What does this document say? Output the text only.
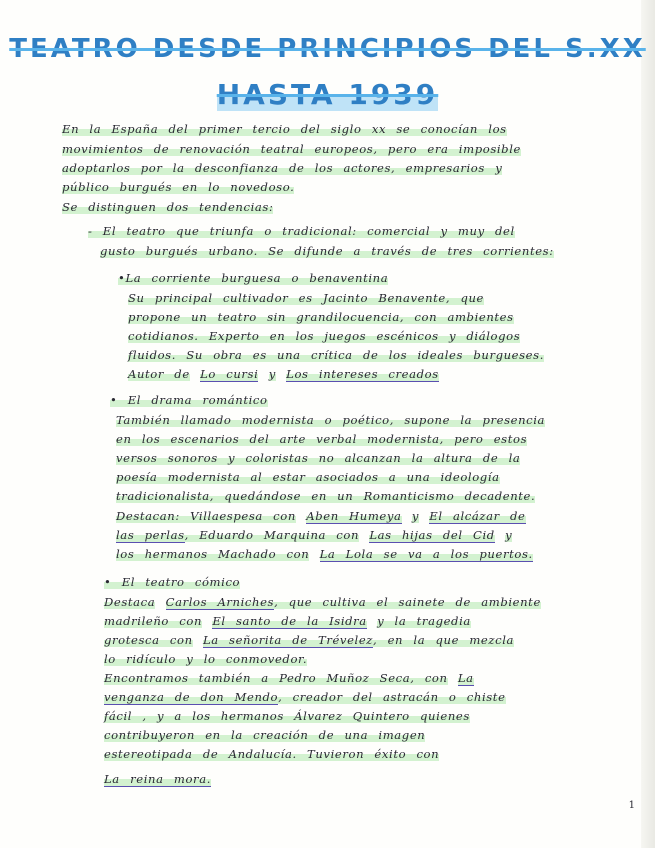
TEATRO DESDE PRINCIPIOS DEL S.XX
HASTA 1939
En la España del primer tercio del siglo xx se conocían los
movimientos de renovación teatral europeos, pero era imposible
adoptarlos por la desconfianza de los actores, empresarios y
público burgués en lo novedoso.
Se distinguen dos tendencias:
- El teatro que triunfa o tradicional: comercial y muy del
gusto burgués urbano. Se difunde a través de tres corrientes:
•La corriente burguesa o benaventina
Su principal cultivador es Jacinto Benavente, que
propone un teatro sin grandilocuencia, con ambientes
cotidianos. Experto en los juegos escénicos y diálogos
fluidos. Su obra es una crítica de los ideales burgueses.
Autor de Lo cursi y Los intereses creados
• El drama romántico
También llamado modernista o poético, supone la presencia
en los escenarios del arte verbal modernista, pero estos
versos sonoros y coloristas no alcanzan la altura de la
poesía modernista al estar asociados a una ideología
tradicionalista, quedándose en un Romanticismo decadente.
Destacan: Villaespesa con Aben Humeya y El alcázar de
las perlas, Eduardo Marquina con Las hijas del Cid y
los hermanos Machado con La Lola se va a los puertos.
• El teatro cómico
Destaca Carlos Arniches, que cultiva el sainete de ambiente
madrileño con El santo de la Isidra y la tragedia
grotesca con La señorita de Trévelez, en la que mezcla
lo ridículo y lo conmovedor.
Encontramos también a Pedro Muñoz Seca, con La
venganza de don Mendo, creador del astracán o chiste
fácil , y a los hermanos Álvarez Quintero quienes
contribuyeron en la creación de una imagen
estereotipada de Andalucía. Tuvieron éxito con
La reina mora.
1
